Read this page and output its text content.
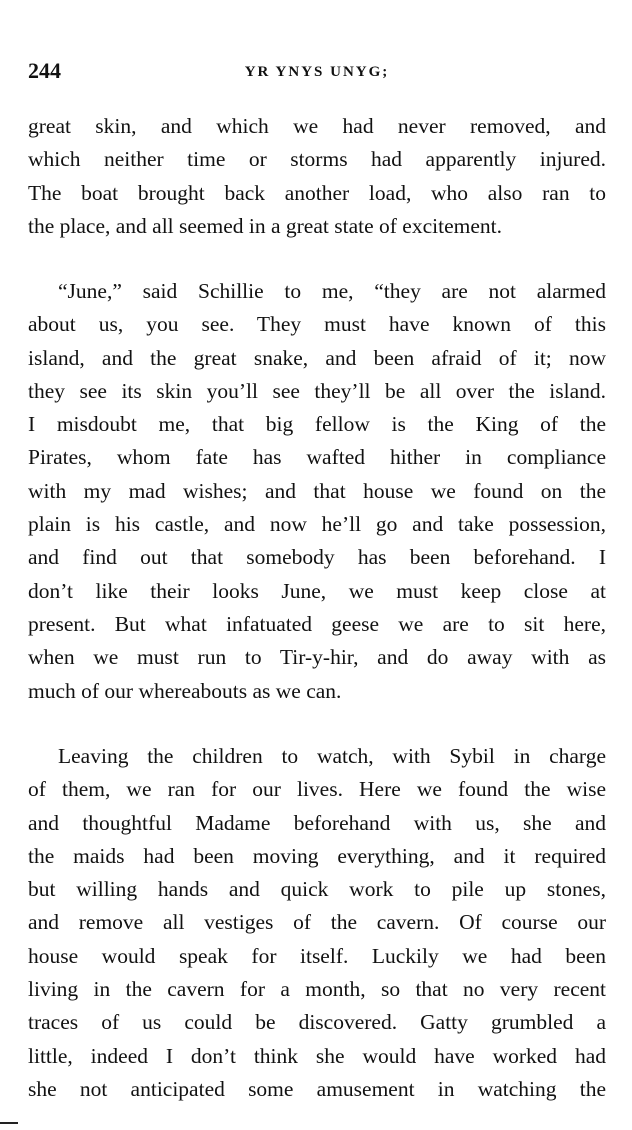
244	YR YNYS UNYG;
great skin, and which we had never removed, and
which neither time or storms had apparently injured.
The boat brought back another load, who also ran to
the place, and all seemed in a great state of excitement.
“June,” said Schillie to me, “they are not alarmed
about us, you see. They must have known of this
island, and the great snake, and been afraid of it; now
they see its skin you’ll see they’ll be all over the island.
I misdoubt me, that big fellow is the King of the
Pirates, whom fate has wafted hither in compliance
with my mad wishes; and that house we found on the
plain is his castle, and now he’ll go and take possession,
and find out that somebody has been beforehand. I
don’t like their looks June, we must keep close at
present. But what infatuated geese we are to sit here,
when we must run to Tir-y-hir, and do away with as
much of our whereabouts as we can.
Leaving the children to watch, with Sybil in charge
of them, we ran for our lives. Here we found the wise
and thoughtful Madame beforehand with us, she and
the maids had been moving everything, and it required
but willing hands and quick work to pile up stones,
and remove all vestiges of the cavern. Of course our
house would speak for itself. Luckily we had been
living in the cavern for a month, so that no very recent
traces of us could be discovered. Gatty grumbled a
little, indeed I don’t think she would have worked had
she not anticipated some amusement in watching the
